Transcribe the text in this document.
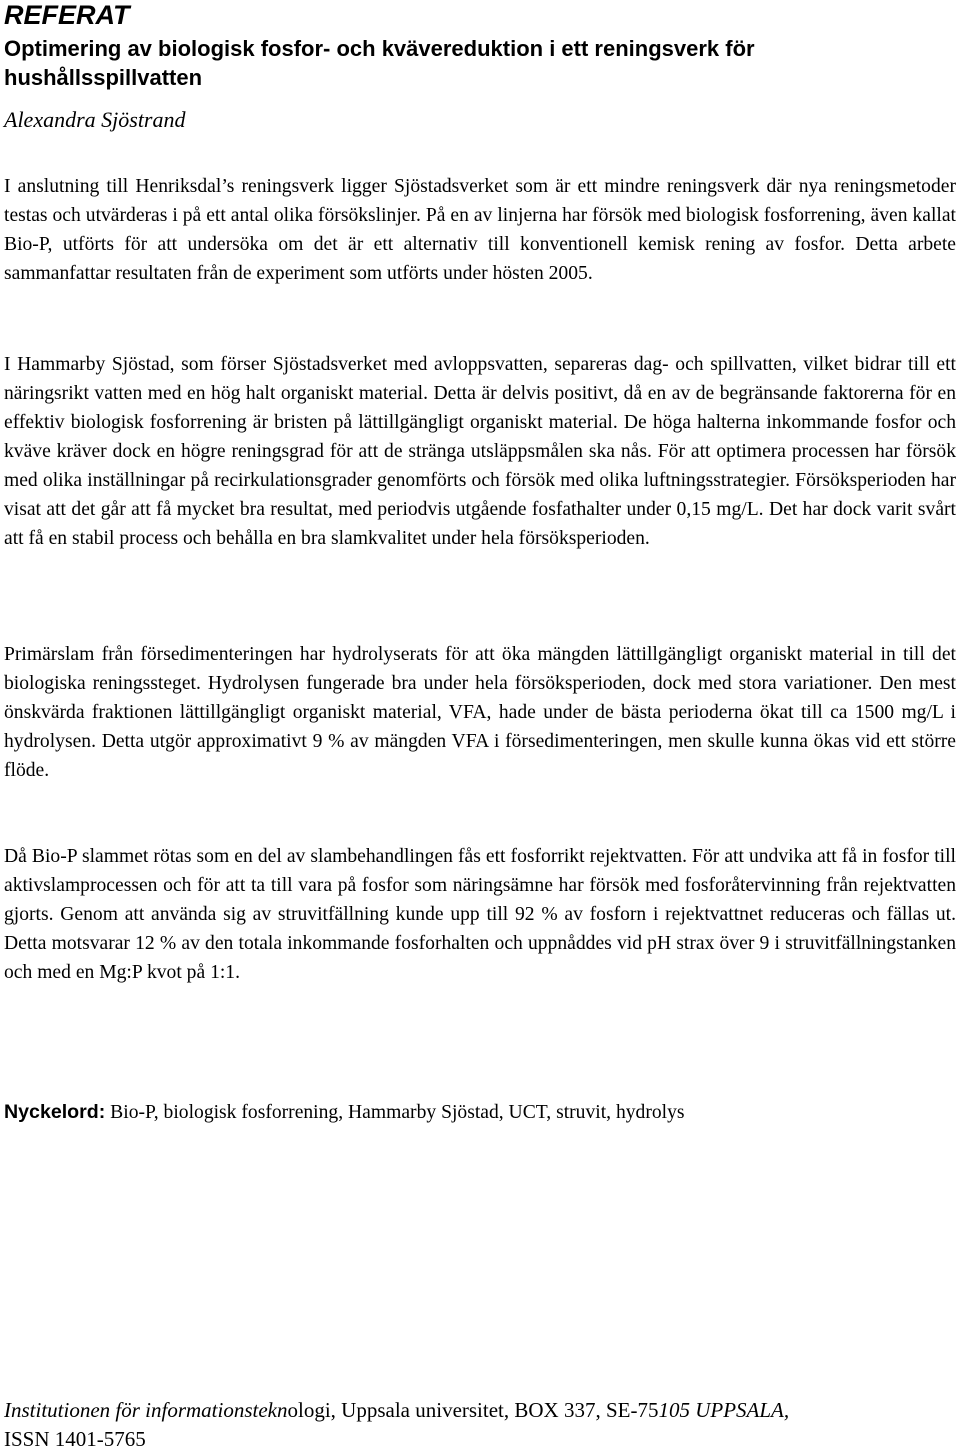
REFERAT
Optimering av biologisk fosfor- och kvävereduktion i ett reningsverk för hushållsspillvatten

Alexandra Sjöstrand

I anslutning till Henriksdal’s reningsverk ligger Sjöstadsverket som är ett mindre reningsverk där nya reningsmetoder testas och utvärderas i på ett antal olika försökslinjer. På en av linjerna har försök med biologisk fosforrening, även kallat Bio-P, utförts för att undersöka om det är ett alternativ till konventionell kemisk rening av fosfor. Detta arbete sammanfattar resultaten från de experiment som utförts under hösten 2005.

I Hammarby Sjöstad, som förser Sjöstadsverket med avloppsvatten, separeras dag- och spillvatten, vilket bidrar till ett näringsrikt vatten med en hög halt organiskt material. Detta är delvis positivt, då en av de begränsande faktorerna för en effektiv biologisk fosforrening är bristen på lättillgängligt organiskt material. De höga halterna inkommande fosfor och kväve kräver dock en högre reningsgrad för att de stränga utsläppsmålen ska nås. För att optimera processen har försök med olika inställningar på recirkulationsgrader genomförts och försök med olika luftningsstrategier. Försöksperioden har visat att det går att få mycket bra resultat, med periodvis utgående fosfathalter under 0,15 mg/L. Det har dock varit svårt att få en stabil process och behålla en bra slamkvalitet under hela försöksperioden.

Primärslam från försedimenteringen har hydrolyserats för att öka mängden lättillgängligt organiskt material in till det biologiska reningssteget. Hydrolysen fungerade bra under hela försöksperioden, dock med stora variationer. Den mest önskvärda fraktionen lättillgängligt organiskt material, VFA, hade under de bästa perioderna ökat till ca 1500 mg/L i hydrolysen. Detta utgör approximativt 9 % av mängden VFA i försedimenteringen, men skulle kunna ökas vid ett större flöde.

Då Bio-P slammet rötas som en del av slambehandlingen fås ett fosforrikt rejektvatten. För att undvika att få in fosfor till aktivslamprocessen och för att ta till vara på fosfor som näringsämne har försök med fosforåtervinning från rejektvatten gjorts. Genom att använda sig av struvitfällning kunde upp till 92 % av fosforn i rejektvattnet reduceras och fällas ut. Detta motsvarar 12 % av den totala inkommande fosforhalten och uppnåddes vid pH strax över 9 i struvitfällningstanken och med en Mg:P kvot på 1:1.

Nyckelord: Bio-P, biologisk fosforrening, Hammarby Sjöstad, UCT, struvit, hydrolys

Institutionen för informationsteknologi, Uppsala universitet, BOX 337, SE-75105 UPPSALA,
ISSN 1401-5765
